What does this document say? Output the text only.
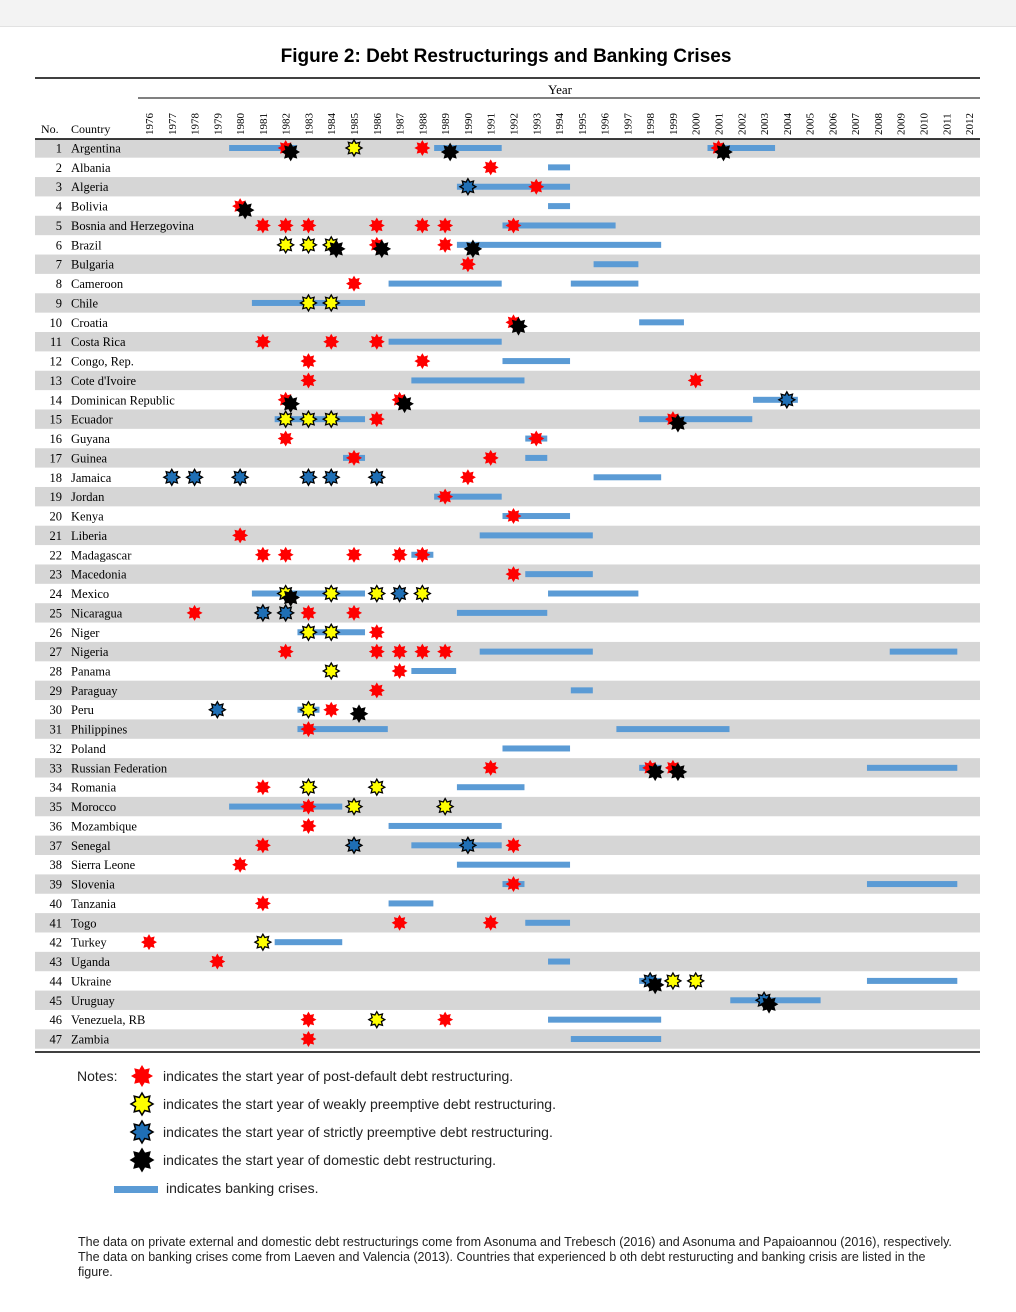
Figure 2: Debt Restructurings and Banking Crises
Year
No. Country	1976 1977 1978 1979 1980 1981 1982 1983 1984 1985 1986 1987 1988 1989 1990 1991 1992 1993 1994 1995 1996 1997 1998 1999 2000 2001 2002 2003 2004 2005 2006 2007 2008 2009 2010 2011 2012
1 Argentina
2 Albania
3 Algeria
4 Bolivia
5 Bosnia and Herzegovina
6 Brazil
7 Bulgaria
8 Cameroon
9 Chile
10 Croatia
11 Costa Rica
12 Congo, Rep.
13 Cote d'Ivoire
14 Dominican Republic
15 Ecuador
16 Guyana
17 Guinea
18 Jamaica
19 Jordan
20 Kenya
21 Liberia
22 Madagascar
23 Macedonia
24 Mexico
25 Nicaragua
26 Niger
27 Nigeria
28 Panama
29 Paraguay
30 Peru
31 Philippines
32 Poland
33 Russian Federation
34 Romania
35 Morocco
36 Mozambique
37 Senegal
38 Sierra Leone
39 Slovenia
40 Tanzania
41 Togo
42 Turkey
43 Uganda
44 Ukraine
45 Uruguay
46 Venezuela, RB
47 Zambia
Notes:	indicates the start year of post-default debt restructuring.
indicates the start year of weakly preemptive debt restructuring.
indicates the start year of strictly preemptive debt restructuring.
indicates the start year of domestic debt restructuring.
indicates banking crises.
The data on private external and domestic debt restructurings come from Asonuma and Trebesch (2016) and Asonuma and Papaioannou (2016), respectively. The data on banking crises come from Laeven and Valencia (2013). Countries that experienced b oth debt resturucting and banking crisis are listed in the figure.
